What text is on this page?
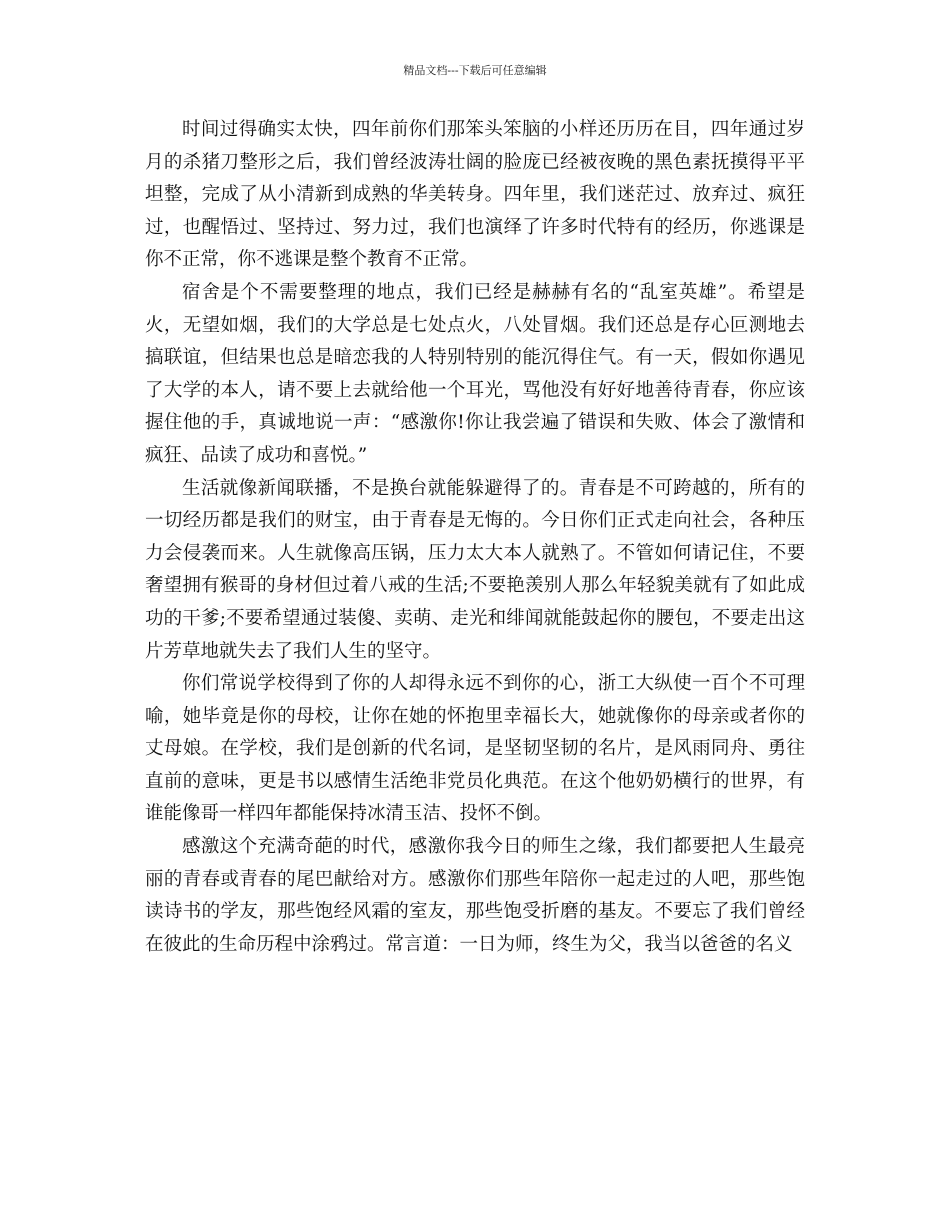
精品文档---下载后可任意编辑

时间过得确实太快，四年前你们那笨头笨脑的小样还历历在目，四年通过岁月的杀猪刀整形之后，我们曾经波涛壮阔的脸庞已经被夜晚的黑色素抚摸得平平坦整，完成了从小清新到成熟的华美转身。四年里，我们迷茫过、放弃过、疯狂过，也醒悟过、坚持过、努力过，我们也演绎了许多时代特有的经历，你逃课是你不正常，你不逃课是整个教育不正常。

宿舍是个不需要整理的地点，我们已经是赫赫有名的“乱室英雄”。希望是火，无望如烟，我们的大学总是七处点火，八处冒烟。我们还总是存心叵测地去搞联谊，但结果也总是暗恋我的人特别特别的能沉得住气。有一天，假如你遇见了大学的本人，请不要上去就给他一个耳光，骂他没有好好地善待青春，你应该握住他的手，真诚地说一声：“感激你!你让我尝遍了错误和失败、体会了激情和疯狂、品读了成功和喜悦。”

生活就像新闻联播，不是换台就能躲避得了的。青春是不可跨越的，所有的一切经历都是我们的财宝，由于青春是无悔的。今日你们正式走向社会，各种压力会侵袭而来。人生就像高压锅，压力太大本人就熟了。不管如何请记住，不要奢望拥有猴哥的身材但过着八戒的生活;不要艳羡别人那么年轻貌美就有了如此成功的干爹;不要希望通过装傻、卖萌、走光和绯闻就能鼓起你的腰包，不要走出这片芳草地就失去了我们人生的坚守。

你们常说学校得到了你的人却得永远不到你的心，浙工大纵使一百个不可理喻，她毕竟是你的母校，让你在她的怀抱里幸福长大，她就像你的母亲或者你的丈母娘。在学校，我们是创新的代名词，是坚韧坚韧的名片，是风雨同舟、勇往直前的意味，更是书以感情生活绝非党员化典范。在这个他奶奶横行的世界，有谁能像哥一样四年都能保持冰清玉洁、投怀不倒。

感激这个充满奇葩的时代，感激你我今日的师生之缘，我们都要把人生最亮丽的青春或青春的尾巴献给对方。感激你们那些年陪你一起走过的人吧，那些饱读诗书的学友，那些饱经风霜的室友，那些饱受折磨的基友。不要忘了我们曾经在彼此的生命历程中涂鸦过。常言道：一日为师，终生为父，我当以爸爸的名义
